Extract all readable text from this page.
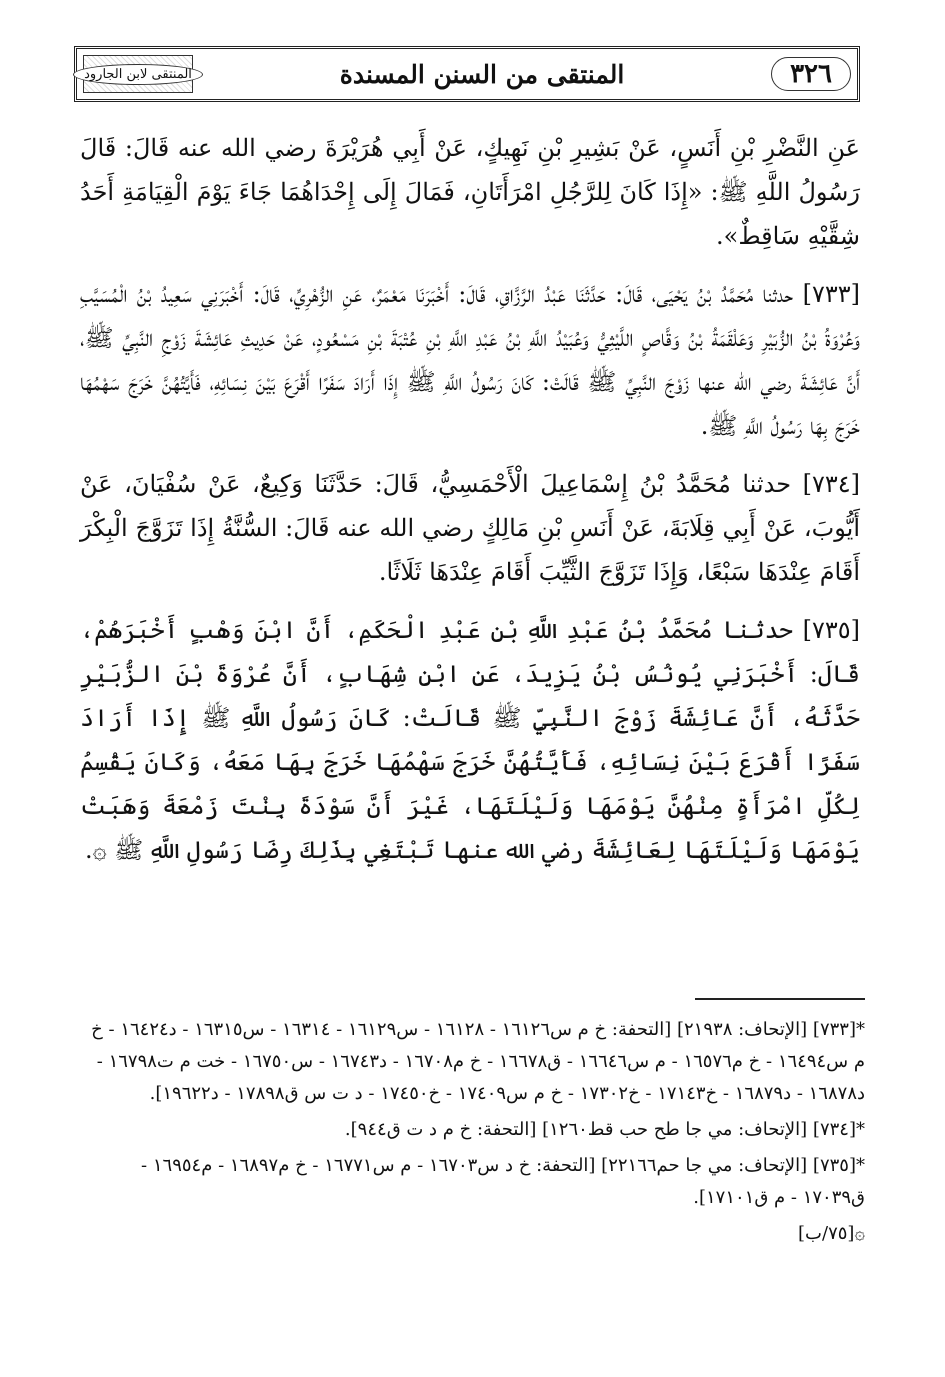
المنتقى لابن الجارود	المنتقى من السنن المسندة	٣٢٦

عَنِ النَّضْرِ بْنِ أَنَسٍ، عَنْ بَشِيرِ بْنِ نَهِيكٍ، عَنْ أَبِي هُرَيْرَةَ رضي الله عنه قَالَ: قَالَ رَسُولُ اللَّهِ ﷺ: «إِذَا كَانَ لِلرَّجُلِ امْرَأَتَانِ، فَمَالَ إِلَى إِحْدَاهُمَا جَاءَ يَوْمَ الْقِيَامَةِ أَحَدُ شِقَّيْهِ سَاقِطٌ».

[٧٣٣] حدثنا مُحَمَّدُ بْنُ يَحْيَى، قَالَ: حَدَّثَنَا عَبْدُ الرَّزَّاقِ، قَالَ: أَخْبَرَنَا مَعْمَرٌ، عَنِ الزُّهْرِيِّ، قَالَ: أَخْبَرَنِي سَعِيدُ بْنُ الْمُسَيَّبِ وَعُرْوَةُ بْنُ الزُّبَيْرِ وَعَلْقَمَةُ بْنُ وَقَّاصٍ اللَّيْثِيُّ وَعُبَيْدُ اللَّهِ بْنُ عَبْدِ اللَّهِ بْنِ عُتْبَةَ بْنِ مَسْعُودٍ، عَنْ حَدِيثِ عَائِشَةَ زَوْجِ النَّبِيِّ ﷺ، أَنَّ عَائِشَةَ رضي الله عنها زَوْجَ النَّبِيِّ ﷺ قَالَتْ: كَانَ رَسُولُ اللَّهِ ﷺ إِذَا أَرَادَ سَفَرًا أَقْرَعَ بَيْنَ نِسَائِهِ، فَأَيَّتُهُنَّ خَرَجَ سَهْمُهَا خَرَجَ بِهَا رَسُولُ اللَّهِ ﷺ.

[٧٣٤] حدثنا مُحَمَّدُ بْنُ إِسْمَاعِيلَ الْأَحْمَسِيُّ، قَالَ: حَدَّثَنَا وَكِيعٌ، عَنْ سُفْيَانَ، عَنْ أَيُّوبَ، عَنْ أَبِي قِلَابَةَ، عَنْ أَنَسِ بْنِ مَالِكٍ رضي الله عنه قَالَ: السُّنَّةُ إِذَا تَزَوَّجَ الْبِكْرَ أَقَامَ عِنْدَهَا سَبْعًا، وَإِذَا تَزَوَّجَ الثَّيِّبَ أَقَامَ عِنْدَهَا ثَلَاثًا.

[٧٣٥] حدثنا مُحَمَّدُ بْنُ عَبْدِ اللَّهِ بْنِ عَبْدِ الْحَكَمِ، أَنَّ ابْنَ وَهْبٍ أَخْبَرَهُمْ، قَالَ: أَخْبَرَنِي يُونُسُ بْنُ يَزِيدَ، عَنِ ابْنِ شِهَابٍ، أَنَّ عُرْوَةَ بْنَ الزُّبَيْرِ حَدَّثَهُ، أَنَّ عَائِشَةَ زَوْجَ النَّبِيِّ ﷺ قَالَتْ: كَانَ رَسُولُ اللَّهِ ﷺ إِذَا أَرَادَ سَفَرًا أَقْرَعَ بَيْنَ نِسَائِهِ، فَأَيَّتُهُنَّ خَرَجَ سَهْمُهَا خَرَجَ بِهَا مَعَهُ، وَكَانَ يَقْسِمُ لِكُلِّ امْرَأَةٍ مِنْهُنَّ يَوْمَهَا وَلَيْلَتَهَا، غَيْرَ أَنَّ سَوْدَةَ بِنْتَ زَمْعَةَ وَهَبَتْ يَوْمَهَا وَلَيْلَتَهَا لِعَائِشَةَ رضي الله عنها تَبْتَغِي بِذَلِكَ رِضَا رَسُولِ اللَّهِ ﷺ ۞.

*[٧٣٣] [الإتحاف: ٢١٩٣٨] [التحفة: خ م س١٦١٢٦ - ١٦١٢٨ - س١٦١٢٩ - ١٦٣١٤ - س١٦٣١٥ - د١٦٤٢٤ - خ م س١٦٤٩٤ - خ م١٦٥٧٦ - م س١٦٦٤٦ - ق١٦٦٧٨ - خ م١٦٧٠٨ - د١٦٧٤٣ - س١٦٧٥٠ - خت م ت١٦٧٩٨ - د١٦٨٧٨ - د١٦٨٧٩ - خ١٧١٤٣ - خ١٧٣٠٢ - خ م س١٧٤٠٩ - خ١٧٤٥٠ - د ت س ق١٧٨٩٨ - د١٩٦٢٢].

*[٧٣٤] [الإتحاف: مي جا طح حب قط١٢٦٠] [التحفة: خ م د ت ق٩٤٤].

*[٧٣٥] [الإتحاف: مي جا حم٢٢١٦٦] [التحفة: خ د س١٦٧٠٣ - م س١٦٧٧١ - خ م١٦٨٩٧ - م١٦٩٥٤ - ق١٧٠٣٩ - م ق١٧١٠١].

۞[٧٥/ب]
